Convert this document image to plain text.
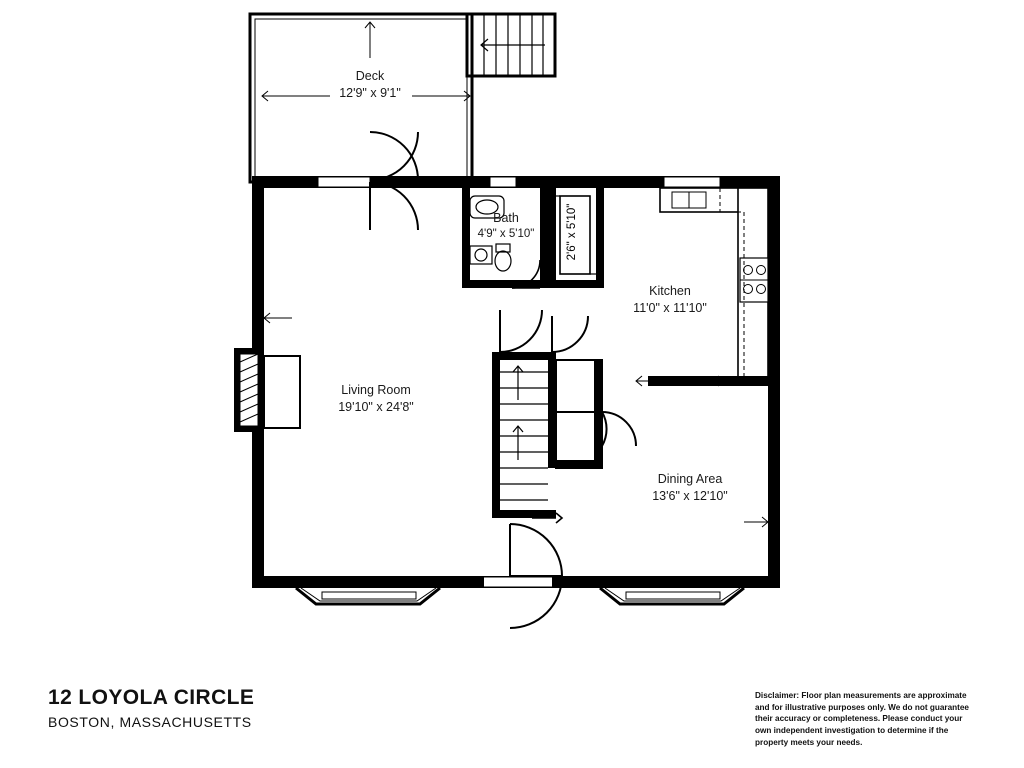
Deck
12'9" x 9'1"
Bath
4'9" x 5'10" Laundry 2'6" x 5'10"
Kitchen
11'0" x 11'10"
Living Room
19'10" x 24'8"
Dining Area
13'6" x 12'10"

12 LOYOLA CIRCLE

BOSTON, MASSACHUSETTS

Disclaimer: Floor plan measurements are approximate and for illustrative purposes only. We do not guarantee their accuracy or completeness. Please conduct your own independent investigation to determine if the property meets your needs.
